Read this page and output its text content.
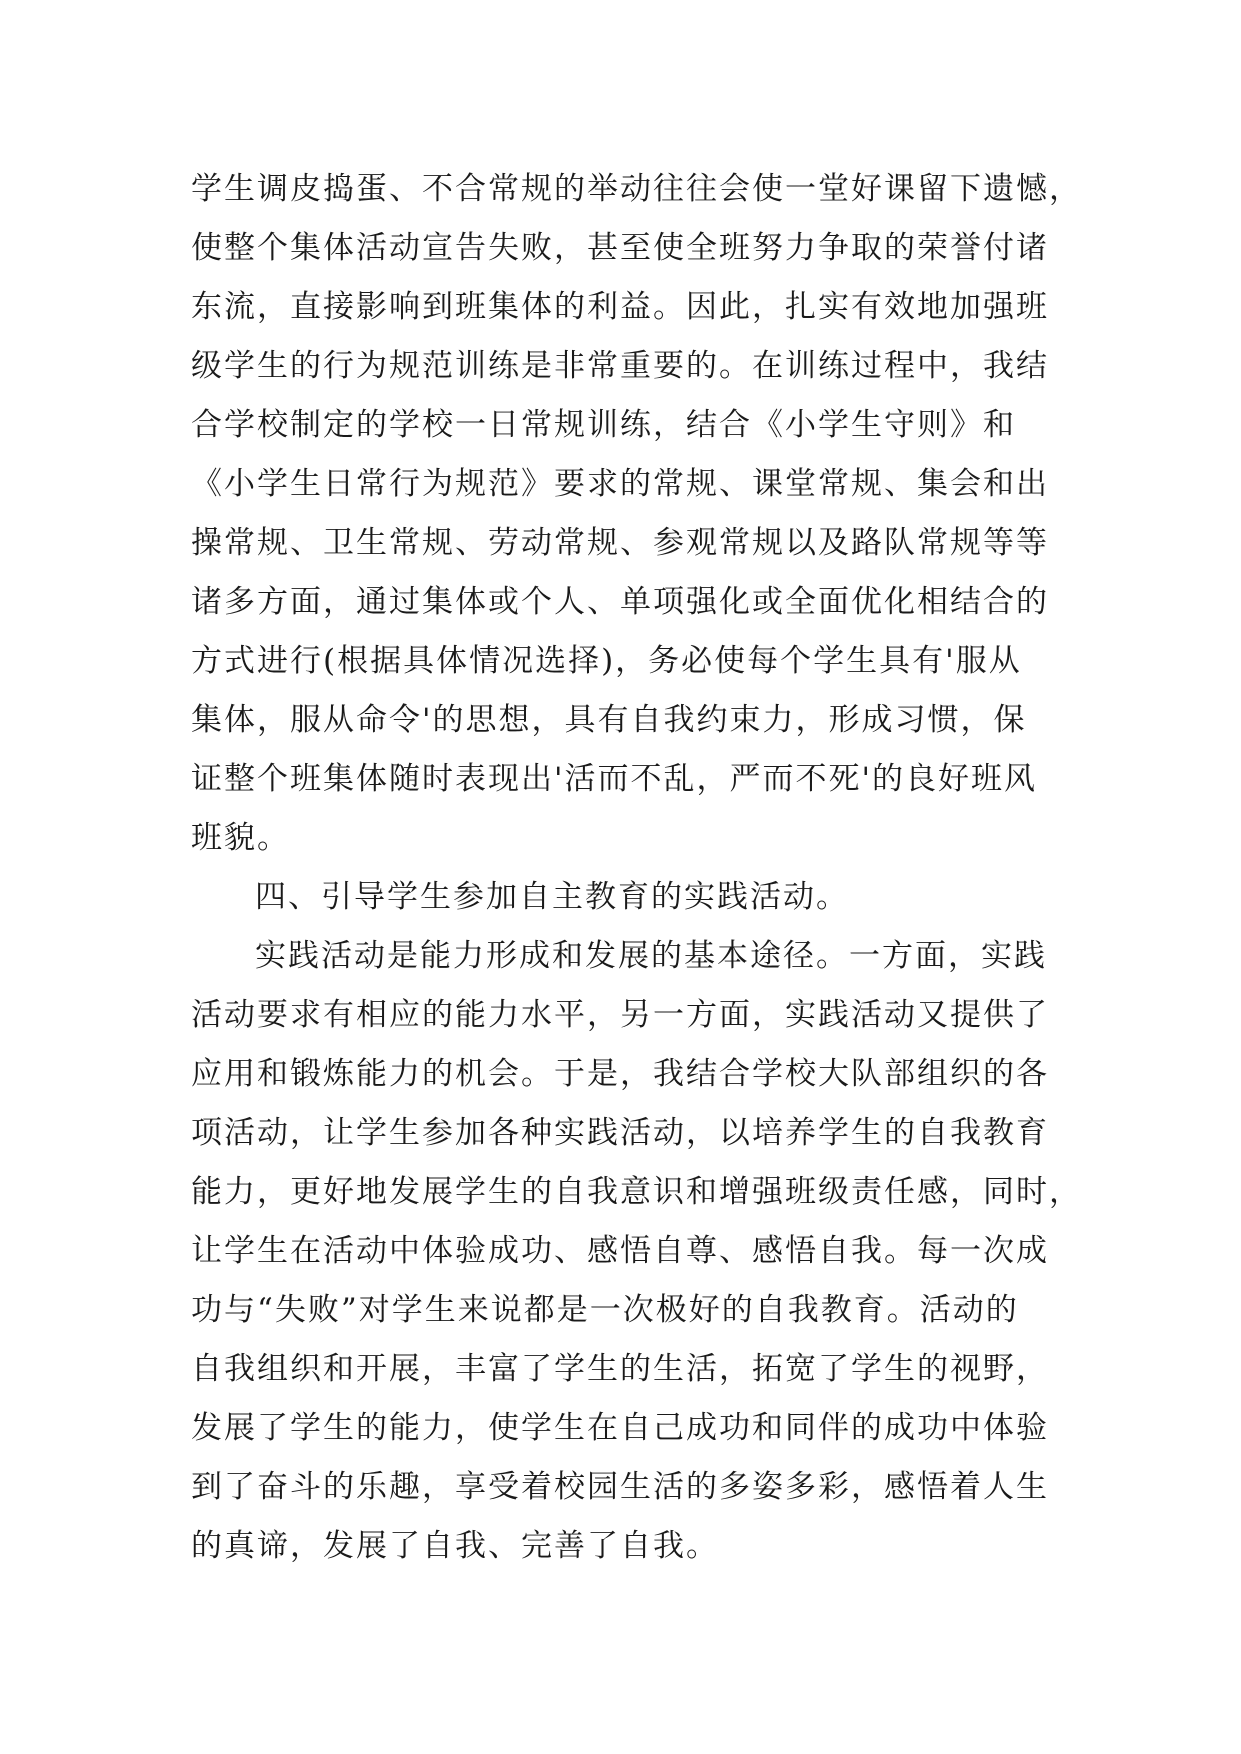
学生调皮捣蛋、不合常规的举动往往会使一堂好课留下遗憾，
使整个集体活动宣告失败，甚至使全班努力争取的荣誉付诸
东流，直接影响到班集体的利益。因此，扎实有效地加强班
级学生的行为规范训练是非常重要的。在训练过程中，我结
合学校制定的学校一日常规训练，结合《小学生守则》和
《小学生日常行为规范》要求的常规、课堂常规、集会和出
操常规、卫生常规、劳动常规、参观常规以及路队常规等等
诸多方面，通过集体或个人、单项强化或全面优化相结合的
方式进行(根据具体情况选择)，务必使每个学生具有'服从
集体，服从命令'的思想，具有自我约束力，形成习惯，保
证整个班集体随时表现出'活而不乱，严而不死'的良好班风
班貌。
四、引导学生参加自主教育的实践活动。
实践活动是能力形成和发展的基本途径。一方面，实践
活动要求有相应的能力水平，另一方面，实践活动又提供了
应用和锻炼能力的机会。于是，我结合学校大队部组织的各
项活动，让学生参加各种实践活动，以培养学生的自我教育
能力，更好地发展学生的自我意识和增强班级责任感，同时，
让学生在活动中体验成功、感悟自尊、感悟自我。每一次成
功与“失败”对学生来说都是一次极好的自我教育。活动的
自我组织和开展，丰富了学生的生活，拓宽了学生的视野，
发展了学生的能力，使学生在自己成功和同伴的成功中体验
到了奋斗的乐趣，享受着校园生活的多姿多彩，感悟着人生
的真谛，发展了自我、完善了自我。
